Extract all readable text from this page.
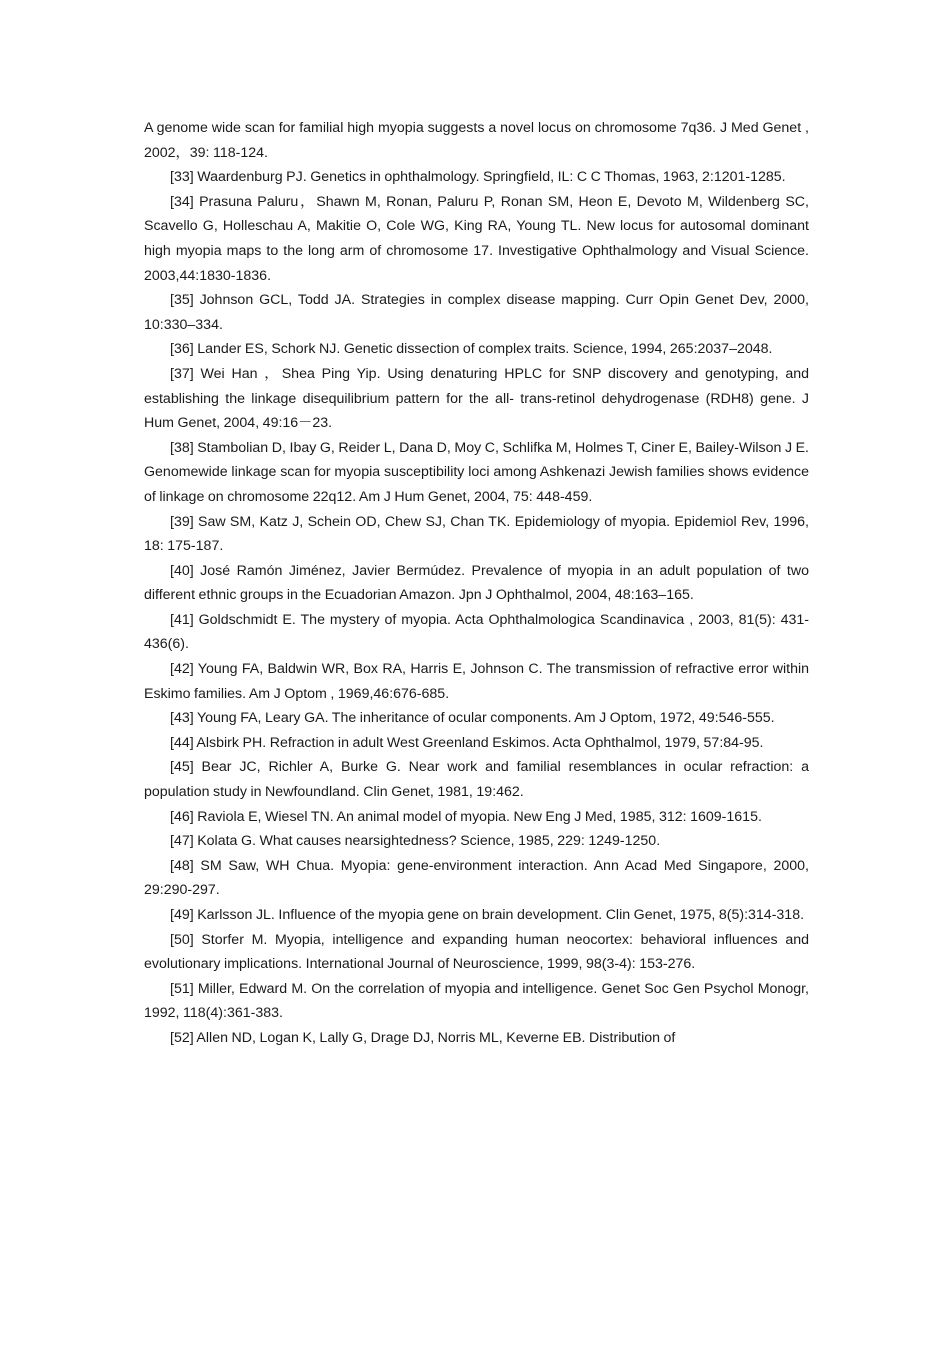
A genome wide scan for familial high myopia suggests a novel locus on chromosome 7q36. J Med Genet , 2002，39: 118-124.

[33] Waardenburg PJ. Genetics in ophthalmology. Springfield, IL: C C Thomas, 1963, 2:1201-1285.

[34] Prasuna Paluru，Shawn M, Ronan, Paluru P, Ronan SM, Heon E, Devoto M, Wildenberg SC, Scavello G, Holleschau A, Makitie O, Cole WG, King RA, Young TL. New locus for autosomal dominant high myopia maps to the long arm of chromosome 17. Investigative Ophthalmology and Visual Science. 2003,44:1830-1836.

[35] Johnson GCL, Todd JA. Strategies in complex disease mapping. Curr Opin Genet Dev, 2000, 10:330–334.

[36] Lander ES, Schork NJ. Genetic dissection of complex traits. Science, 1994, 265:2037–2048.

[37] Wei Han ，Shea Ping Yip. Using denaturing HPLC for SNP discovery and genotyping, and establishing the linkage disequilibrium pattern for the all- trans-retinol dehydrogenase (RDH8) gene. J Hum Genet, 2004, 49:16－23.

[38] Stambolian D, Ibay G, Reider L, Dana D, Moy C, Schlifka M, Holmes T, Ciner E, Bailey-Wilson J E. Genomewide linkage scan for myopia susceptibility loci among Ashkenazi Jewish families shows evidence of linkage on chromosome 22q12. Am J Hum Genet, 2004, 75: 448-459.

[39] Saw SM, Katz J, Schein OD, Chew SJ, Chan TK. Epidemiology of myopia. Epidemiol Rev, 1996, 18: 175-187.

[40] José Ramón Jiménez, Javier Bermúdez. Prevalence of myopia in an adult population of two different ethnic groups in the Ecuadorian Amazon. Jpn J Ophthalmol, 2004, 48:163–165.

[41] Goldschmidt E. The mystery of myopia. Acta Ophthalmologica Scandinavica , 2003, 81(5): 431-436(6).

[42] Young FA, Baldwin WR, Box RA, Harris E, Johnson C. The transmission of refractive error within Eskimo families. Am J Optom , 1969,46:676-685.

[43] Young FA, Leary GA. The inheritance of ocular components. Am J Optom, 1972, 49:546-555.

[44] Alsbirk PH. Refraction in adult West Greenland Eskimos. Acta Ophthalmol, 1979, 57:84-95.

[45] Bear JC, Richler A, Burke G. Near work and familial resemblances in ocular refraction: a population study in Newfoundland. Clin Genet, 1981, 19:462.

[46] Raviola E, Wiesel TN. An animal model of myopia. New Eng J Med, 1985, 312: 1609-1615.

[47] Kolata G. What causes nearsightedness? Science, 1985, 229: 1249-1250.

[48] SM Saw, WH Chua. Myopia: gene-environment interaction. Ann Acad Med Singapore, 2000, 29:290-297.

[49] Karlsson JL. Influence of the myopia gene on brain development. Clin Genet, 1975, 8(5):314-318.

[50] Storfer M. Myopia, intelligence and expanding human neocortex: behavioral influences and evolutionary implications. International Journal of Neuroscience, 1999, 98(3-4): 153-276.

[51] Miller, Edward M. On the correlation of myopia and intelligence. Genet Soc Gen Psychol Monogr, 1992, 118(4):361-383.

[52] Allen ND, Logan K, Lally G, Drage DJ, Norris ML, Keverne EB. Distribution of
